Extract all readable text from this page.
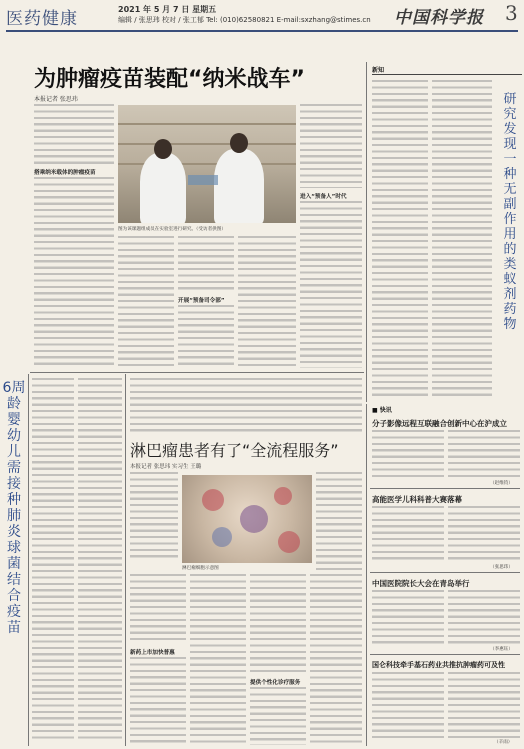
医药健康	2021 年 5 月 7 日 星期五
编辑 / 张思玮 校对 / 张工郁 Tel: (010)62580821 E-mail:sxzhang@stimes.cn 中国科学报 3
为肿瘤疫苗装配“纳米战车”
本报记者 张思玮
搭乘纳米载体的肿瘤疫苗
图为该课题组成员在实验室进行研究。（受访者供图）
开展“预备司令部”
进入“预备人”时代
新知
研究发现一种无副作用的类蚁剂药物
6周龄婴幼儿需接种肺炎球菌结合疫苗
淋巴瘤患者有了“全流程服务”
本报记者 张思玮 实习生 王璐
淋巴瘤细胞示意图
新药上市加快普惠
提供个性化诊疗服务
■ 快讯
分子影像远程互联融合创新中心在沪成立
（赵维钧）
高能医学儿科科普大赛落幕
（张思玮）
中国医院院长大会在青岛举行
（李惠钰）
国仑科技牵手基石药业共推抗肿瘤药可及性
（辛雨）
